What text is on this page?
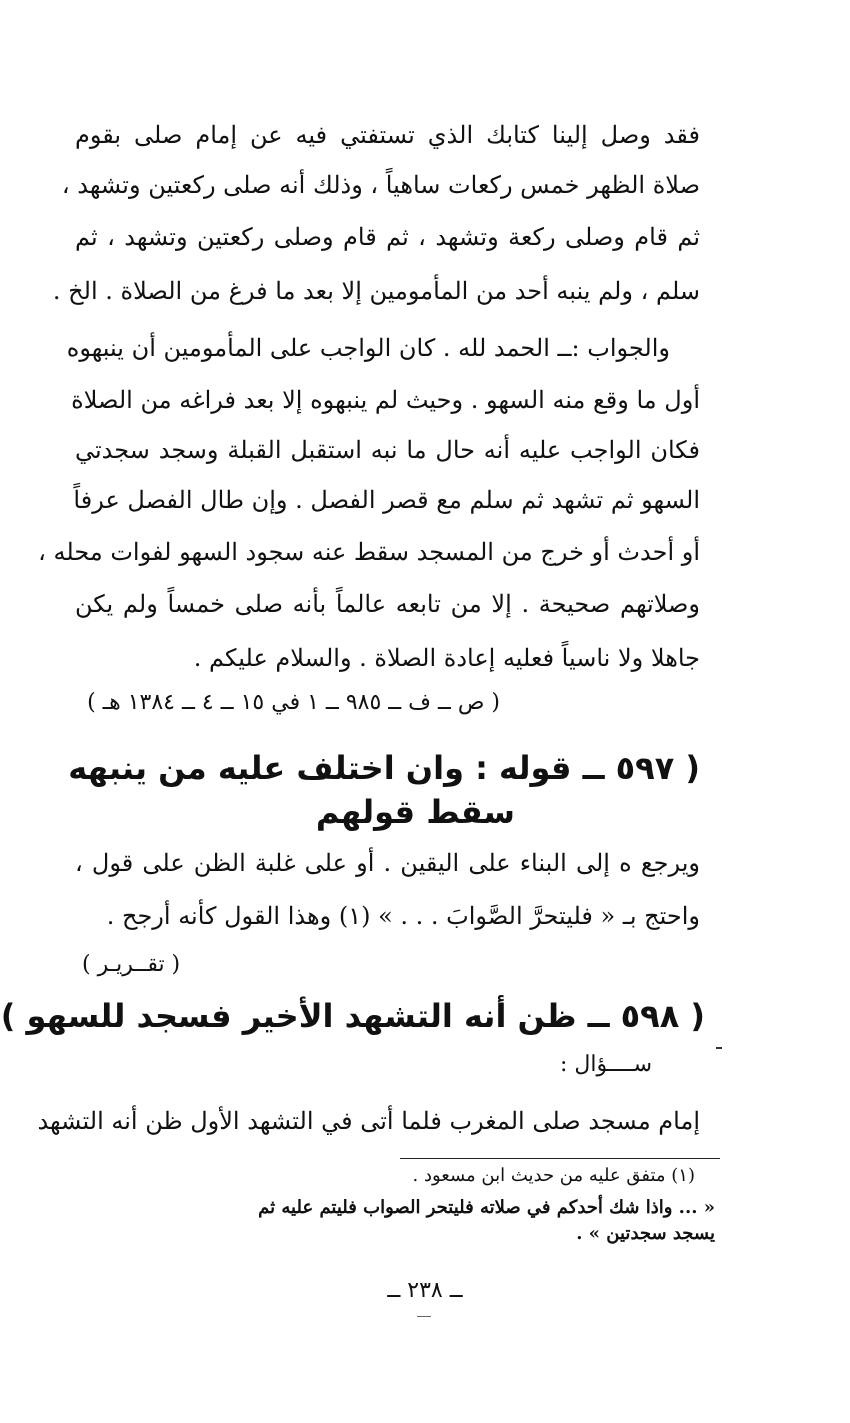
فقد وصل إلينا كتابك الذي تستفتي فيه عن إمام صلى بقوم
صلاة الظهر خمس ركعات ساهياً ، وذلك أنه صلى ركعتين وتشهد ،
ثم قام وصلى ركعة وتشهد ، ثم قام وصلى ركعتين وتشهد ، ثم
سلم ، ولم ينبه أحد من المأمومين إلا بعد ما فرغ من الصلاة . الخ .
والجواب :ــ الحمد لله . كان الواجب على المأمومين أن ينبهوه
أول ما وقع منه السهو . وحيث لم ينبهوه إلا بعد فراغه من الصلاة
فكان الواجب عليه أنه حال ما نبه استقبل القبلة وسجد سجدتي
السهو ثم تشهد ثم سلم مع قصر الفصل . وإن طال الفصل عرفاً
أو أحدث أو خرج من المسجد سقط عنه سجود السهو لفوات محله ،
وصلاتهم صحيحة . إلا من تابعه عالماً بأنه صلى خمساً ولم يكن
جاهلا ولا ناسياً فعليه إعادة الصلاة . والسلام عليكم .
( ص ــ ف ــ ٩٨٥ ــ ١ في ١٥ ــ ٤ ــ ١٣٨٤ هـ )
( ٥٩٧ ــ قوله : وان اختلف عليه من ينبهه
سقط قولهم
ويرجع ه إلى البناء على اليقين . أو على غلبة الظن على قول ،
واحتج بـ « فليتحرَّ الصَّوابَ . . . » (١) وهذا القول كأنه أرجح .
( تقــريـر )
( ٥٩٨ ــ ظن أنه التشهد الأخير فسجد للسهو )
ســــؤال :
إمام مسجد صلى المغرب فلما أتى في التشهد الأول ظن أنه التشهد
(١) متفق عليه من حديث ابن مسعود .
« ... واذا شك أحدكم في صلاته فليتحر الصواب فليتم عليه ثم
يسجد سجدتين » .
ــ ٢٣٨ ــ
